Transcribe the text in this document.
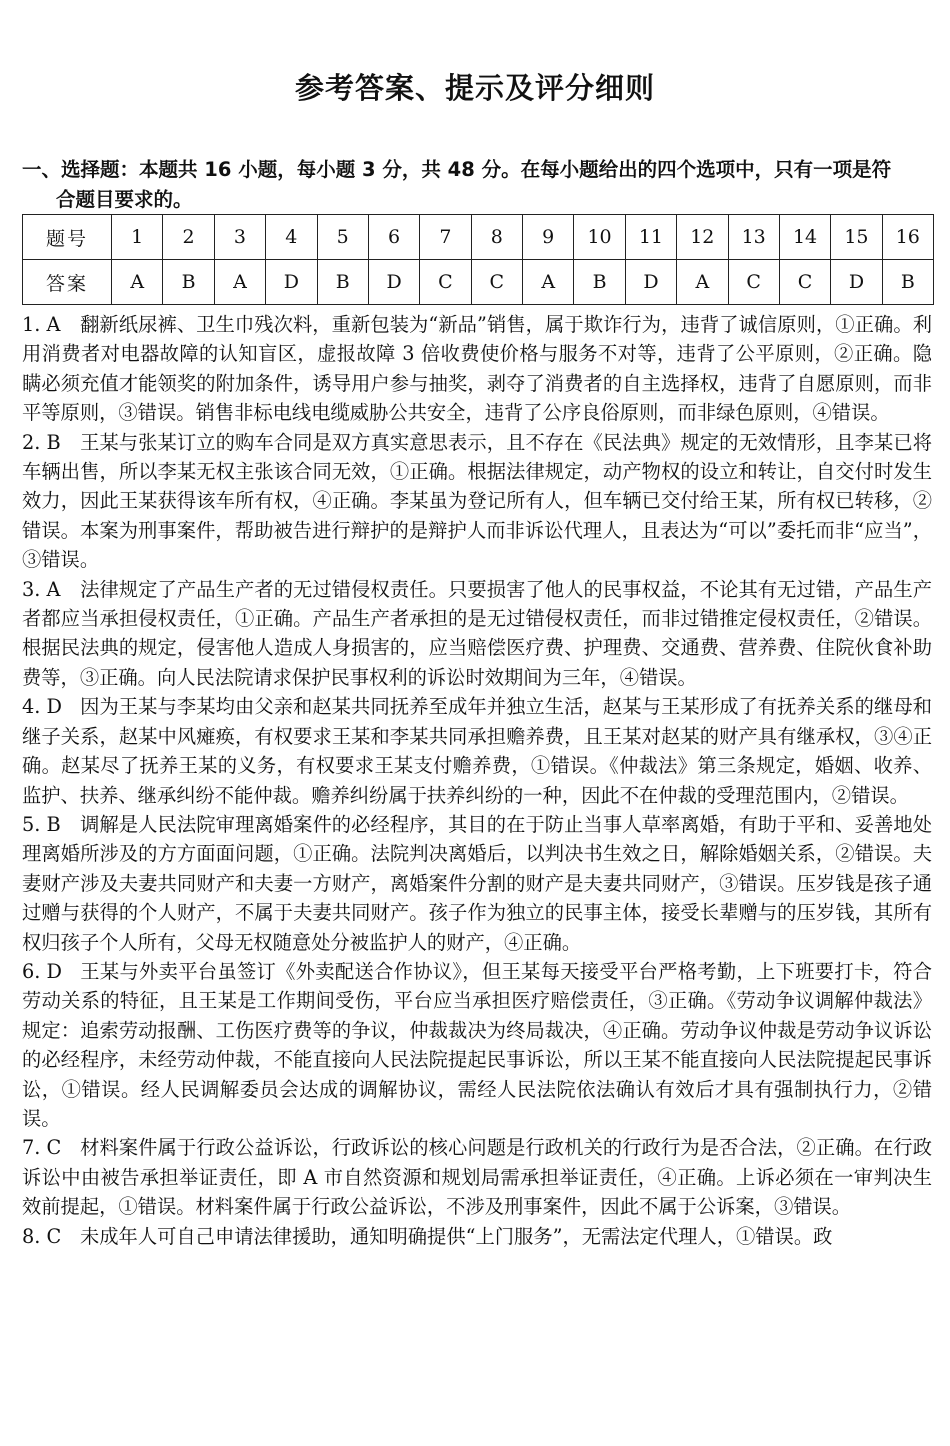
参考答案、提示及评分细则
一、选择题：本题共 16 小题，每小题 3 分，共 48 分。在每小题给出的四个选项中，只有一项是符
合题目要求的。
题号	1	2	3	4	5	6	7	8	9	10	11	12	13	14	15	16
答案	A	B	A	D	B	D	C	C	A	B	D	A	C	C	D	B

1. A 翻新纸尿裤、卫生巾残次料，重新包装为“新品”销售，属于欺诈行为，违背了诚信原则，①正确。利用消费者对电器故障的认知盲区，虚报故障 3 倍收费使价格与服务不对等，违背了公平原则，②正确。隐瞒必须充值才能领奖的附加条件，诱导用户参与抽奖，剥夺了消费者的自主选择权，违背了自愿原则，而非平等原则，③错误。销售非标电线电缆威胁公共安全，违背了公序良俗原则，而非绿色原则，④错误。

2. B 王某与张某订立的购车合同是双方真实意思表示，且不存在《民法典》规定的无效情形，且李某已将车辆出售，所以李某无权主张该合同无效，①正确。根据法律规定，动产物权的设立和转让，自交付时发生效力，因此王某获得该车所有权，④正确。李某虽为登记所有人，但车辆已交付给王某，所有权已转移，②错误。本案为刑事案件，帮助被告进行辩护的是辩护人而非诉讼代理人，且表达为“可以”委托而非“应当”，③错误。

3. A 法律规定了产品生产者的无过错侵权责任。只要损害了他人的民事权益，不论其有无过错，产品生产者都应当承担侵权责任，①正确。产品生产者承担的是无过错侵权责任，而非过错推定侵权责任，②错误。根据民法典的规定，侵害他人造成人身损害的，应当赔偿医疗费、护理费、交通费、营养费、住院伙食补助费等，③正确。向人民法院请求保护民事权利的诉讼时效期间为三年，④错误。

4. D 因为王某与李某均由父亲和赵某共同抚养至成年并独立生活，赵某与王某形成了有抚养关系的继母和继子关系，赵某中风瘫痪，有权要求王某和李某共同承担赡养费，且王某对赵某的财产具有继承权，③④正确。赵某尽了抚养王某的义务，有权要求王某支付赡养费，①错误。《仲裁法》第三条规定，婚姻、收养、监护、扶养、继承纠纷不能仲裁。赡养纠纷属于扶养纠纷的一种，因此不在仲裁的受理范围内，②错误。

5. B 调解是人民法院审理离婚案件的必经程序，其目的在于防止当事人草率离婚，有助于平和、妥善地处理离婚所涉及的方方面面问题，①正确。法院判决离婚后，以判决书生效之日，解除婚姻关系，②错误。夫妻财产涉及夫妻共同财产和夫妻一方财产，离婚案件分割的财产是夫妻共同财产，③错误。压岁钱是孩子通过赠与获得的个人财产，不属于夫妻共同财产。孩子作为独立的民事主体，接受长辈赠与的压岁钱，其所有权归孩子个人所有，父母无权随意处分被监护人的财产，④正确。

6. D 王某与外卖平台虽签订《外卖配送合作协议》，但王某每天接受平台严格考勤，上下班要打卡，符合劳动关系的特征，且王某是工作期间受伤，平台应当承担医疗赔偿责任，③正确。《劳动争议调解仲裁法》规定：追索劳动报酬、工伤医疗费等的争议，仲裁裁决为终局裁决，④正确。劳动争议仲裁是劳动争议诉讼的必经程序，未经劳动仲裁，不能直接向人民法院提起民事诉讼，所以王某不能直接向人民法院提起民事诉讼，①错误。经人民调解委员会达成的调解协议，需经人民法院依法确认有效后才具有强制执行力，②错误。

7. C 材料案件属于行政公益诉讼，行政诉讼的核心问题是行政机关的行政行为是否合法，②正确。在行政诉讼中由被告承担举证责任，即 A 市自然资源和规划局需承担举证责任，④正确。上诉必须在一审判决生效前提起，①错误。材料案件属于行政公益诉讼，不涉及刑事案件，因此不属于公诉案，③错误。

8. C 未成年人可自己申请法律援助，通知明确提供“上门服务”，无需法定代理人，①错误。政
